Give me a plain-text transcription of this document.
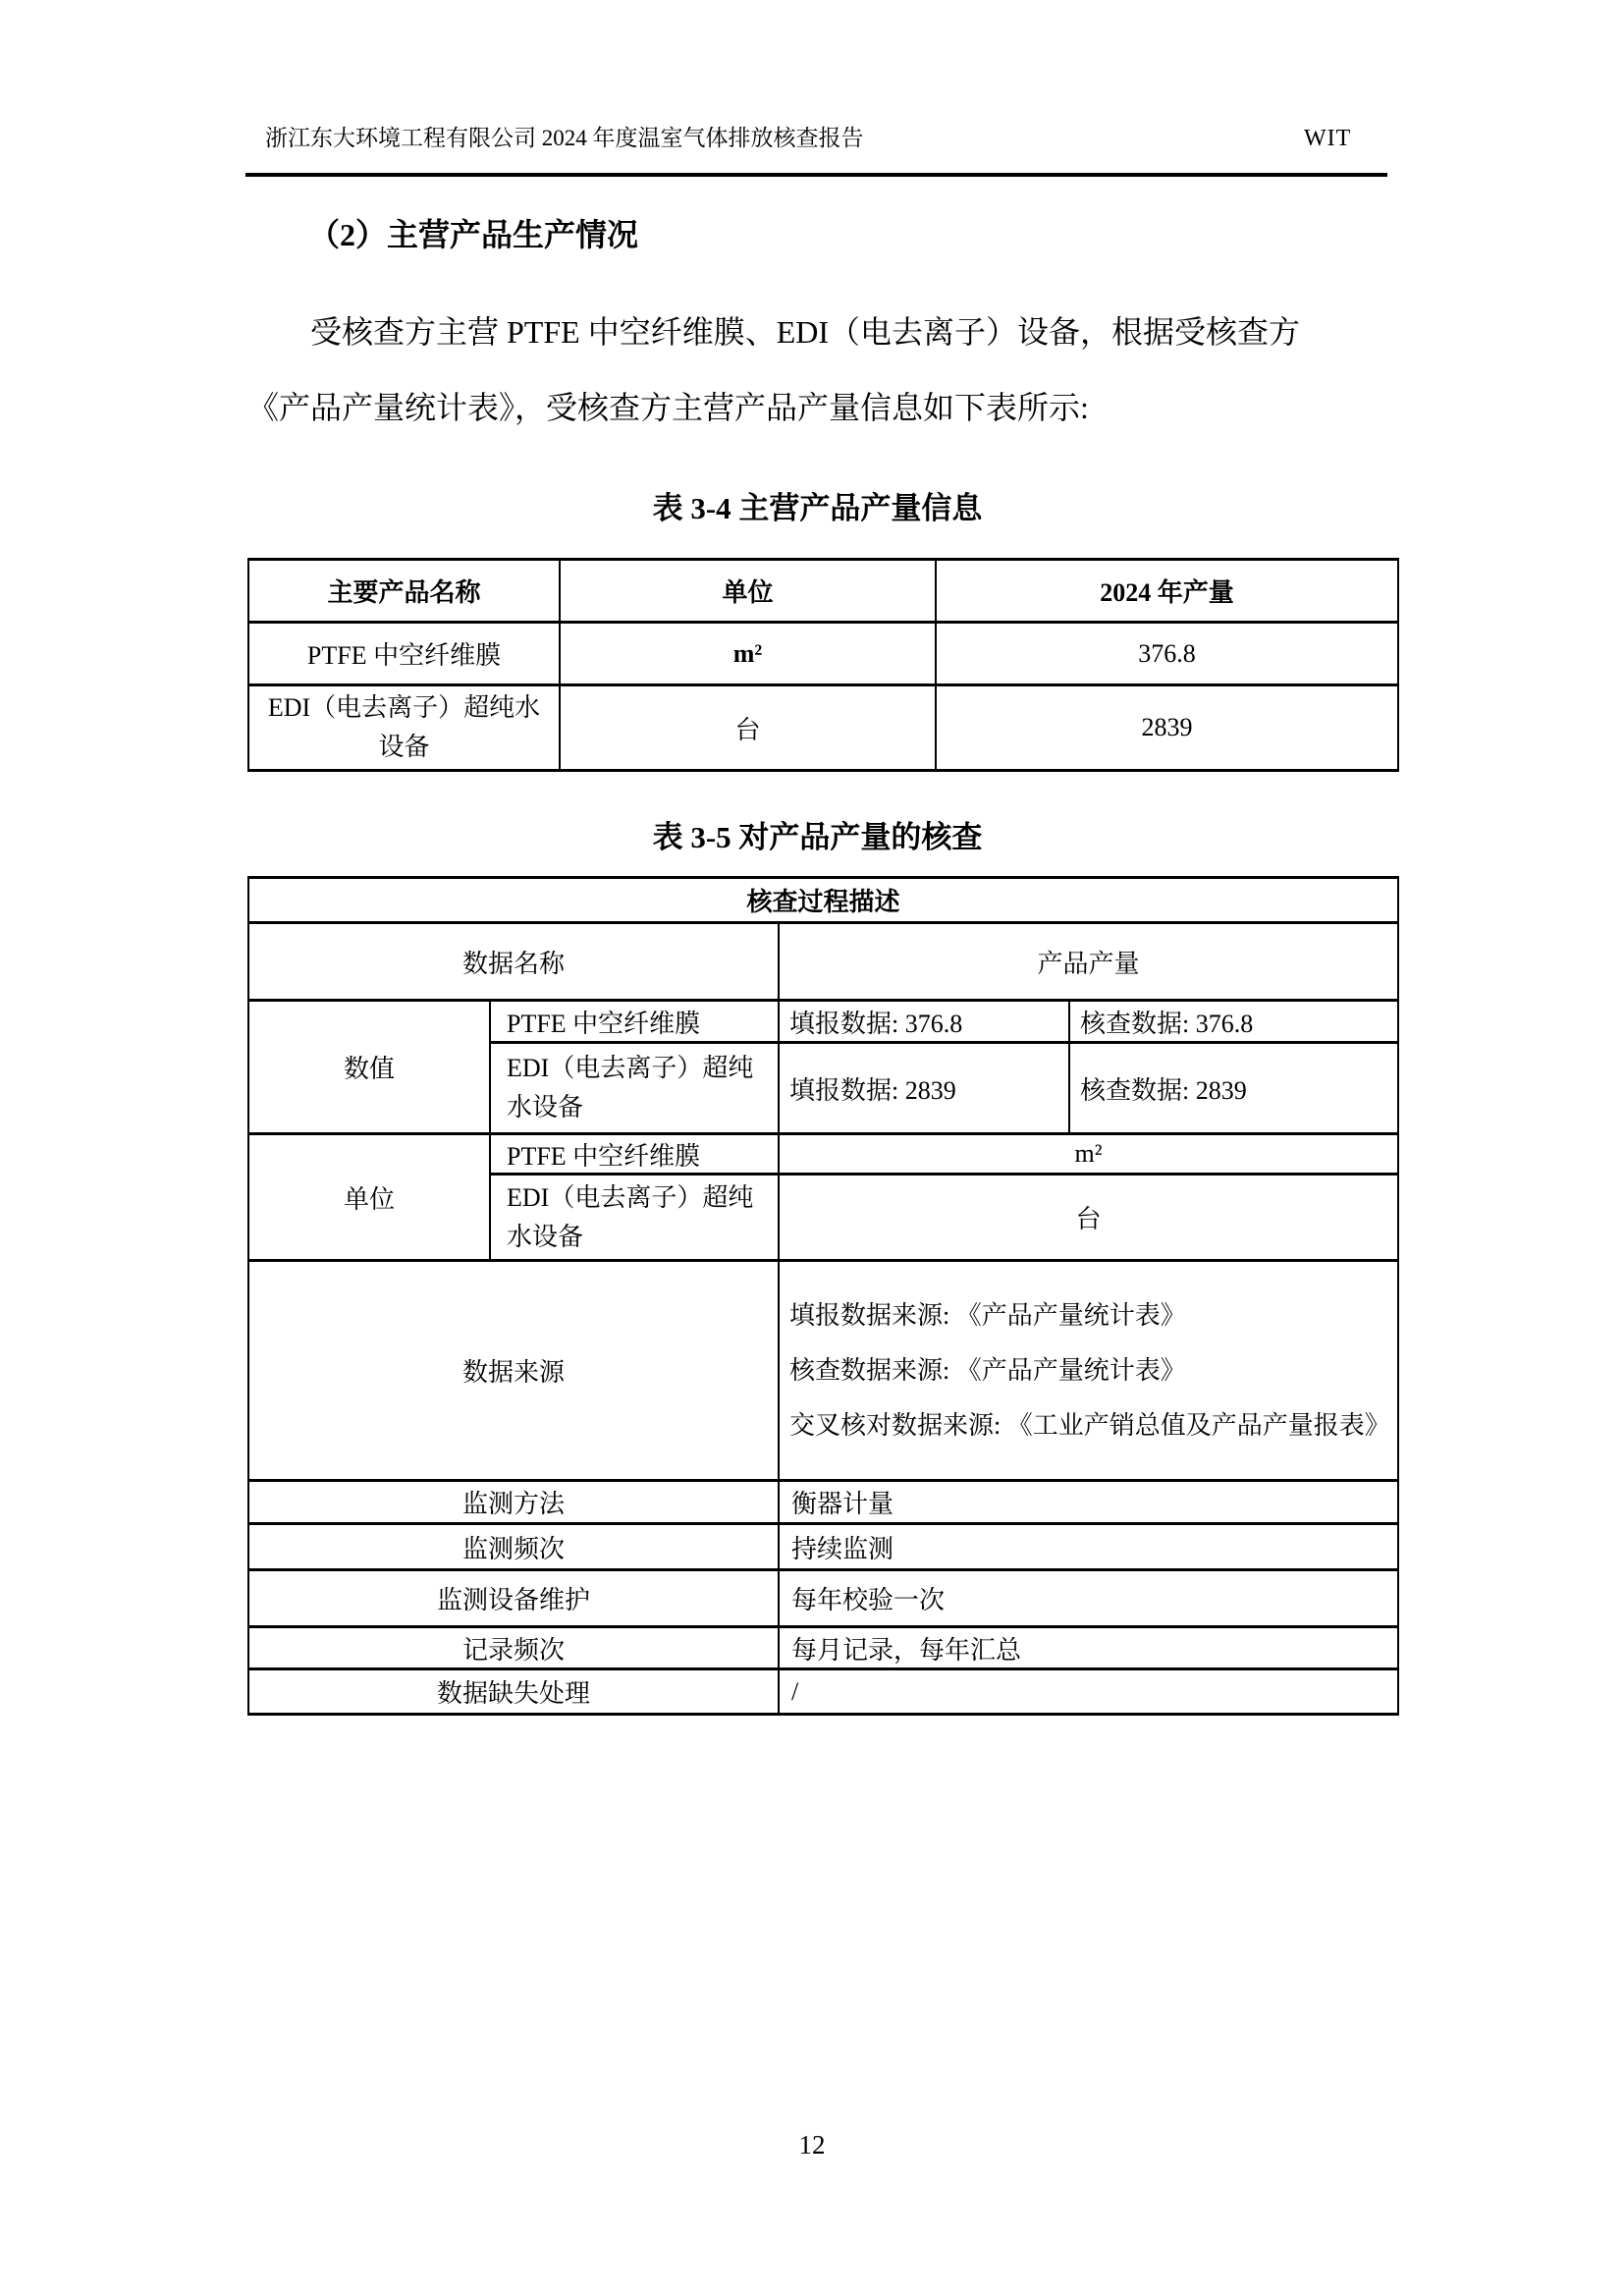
浙江东大环境工程有限公司 2024 年度温室气体排放核查报告	WIT
（2）主营产品生产情况
受核查方主营 PTFE 中空纤维膜、EDI（电去离子）设备，根据受核查方
《产品产量统计表》，受核查方主营产品产量信息如下表所示:
表 3-4 主营产品产量信息
主要产品名称	单位	2024 年产量
PTFE 中空纤维膜	m²	376.8
EDI（电去离子）超纯水设备	台	2839
表 3-5 对产品产量的核查
核查过程描述			
数据名称		产品产量	
数值	PTFE 中空纤维膜	填报数据: 376.8	核查数据: 376.8
	EDI（电去离子）超纯水设备	填报数据: 2839	核查数据: 2839
单位	PTFE 中空纤维膜	m²	
	EDI（电去离子）超纯水设备	台	
数据来源		填报数据来源: 《产品产量统计表》
核查数据来源: 《产品产量统计表》
交叉核对数据来源: 《工业产销总值及产品产量报表》	

监测方法		衡器计量	
监测频次		持续监测	
监测设备维护		每年校验一次	
记录频次		每月记录，每年汇总	
数据缺失处理		/	
12
